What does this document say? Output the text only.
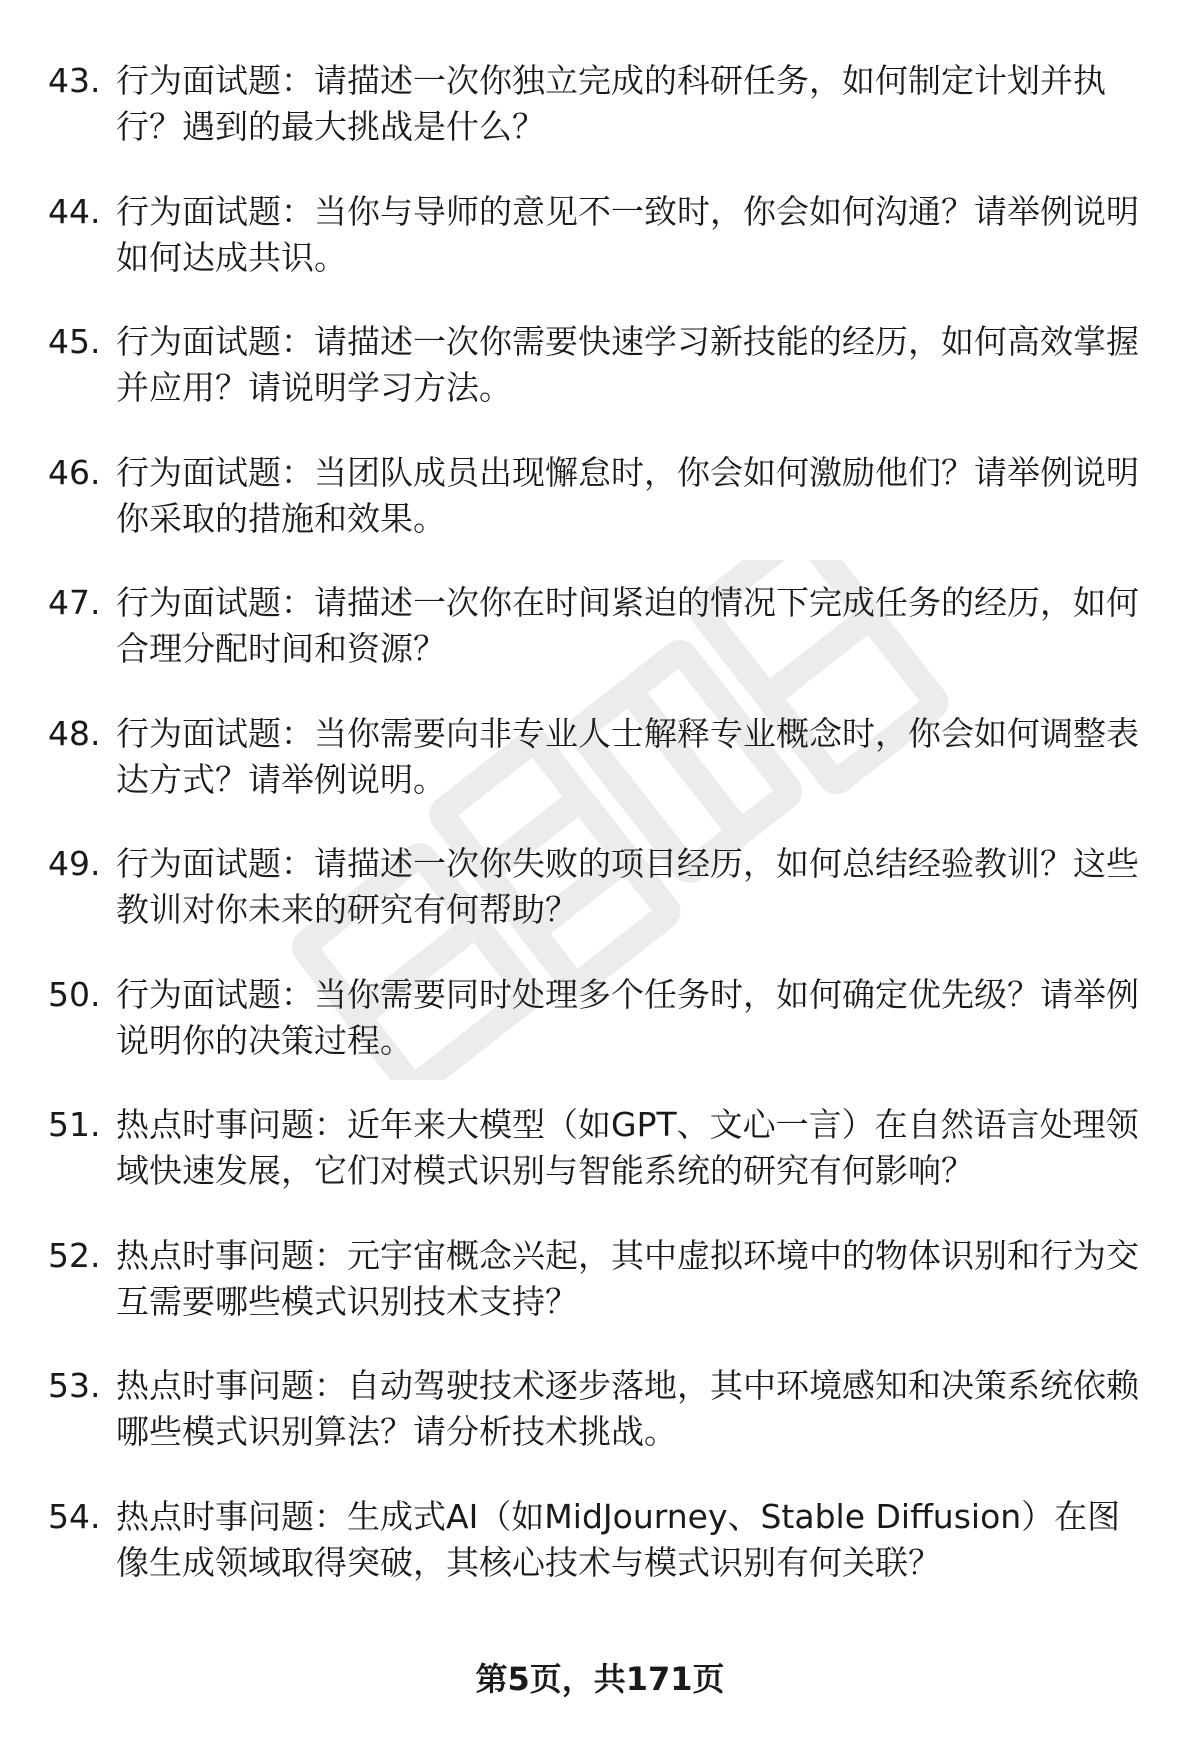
43. 行为面试题：请描述一次你独立完成的科研任务，如何制定计划并执行？遇到的最大挑战是什么？
44. 行为面试题：当你与导师的意见不一致时，你会如何沟通？请举例说明如何达成共识。
45. 行为面试题：请描述一次你需要快速学习新技能的经历，如何高效掌握并应用？请说明学习方法。
46. 行为面试题：当团队成员出现懈怠时，你会如何激励他们？请举例说明你采取的措施和效果。
47. 行为面试题：请描述一次你在时间紧迫的情况下完成任务的经历，如何合理分配时间和资源？
48. 行为面试题：当你需要向非专业人士解释专业概念时，你会如何调整表达方式？请举例说明。
49. 行为面试题：请描述一次你失败的项目经历，如何总结经验教训？这些教训对你未来的研究有何帮助？
50. 行为面试题：当你需要同时处理多个任务时，如何确定优先级？请举例说明你的决策过程。
51. 热点时事问题：近年来大模型（如GPT、文心一言）在自然语言处理领域快速发展，它们对模式识别与智能系统的研究有何影响？
52. 热点时事问题：元宇宙概念兴起，其中虚拟环境中的物体识别和行为交互需要哪些模式识别技术支持？
53. 热点时事问题：自动驾驶技术逐步落地，其中环境感知和决策系统依赖哪些模式识别算法？请分析技术挑战。
54. 热点时事问题：生成式AI（如MidJourney、Stable Diffusion）在图像生成领域取得突破，其核心技术与模式识别有何关联？
第5页，共171页
